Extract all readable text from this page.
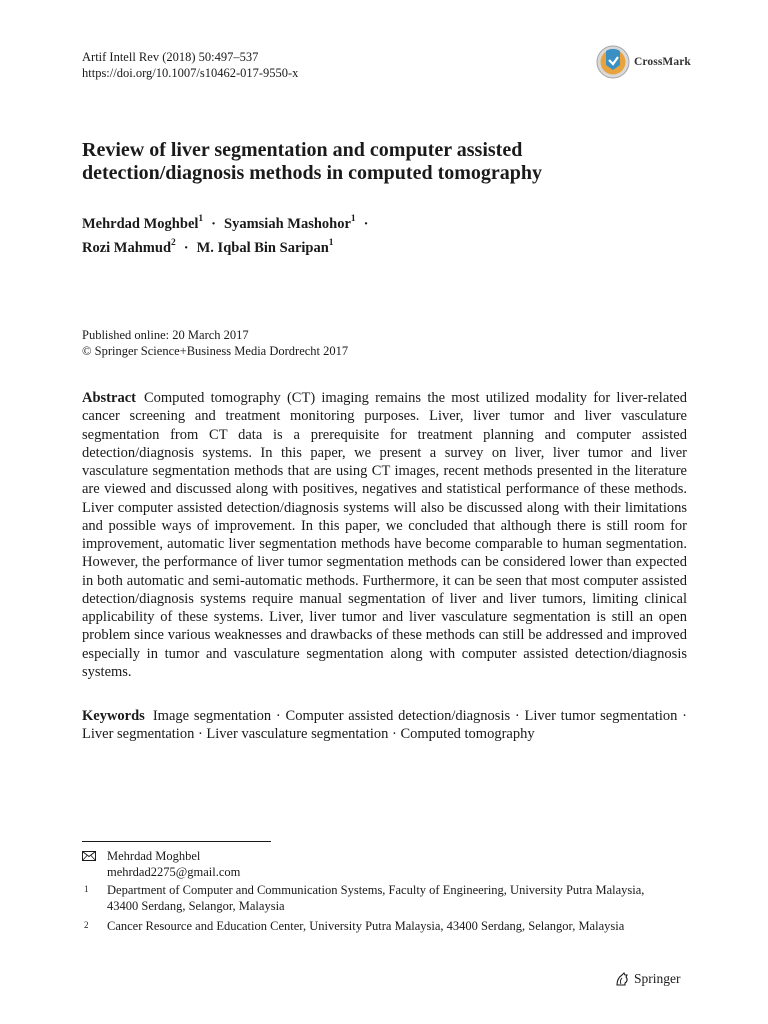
Artif Intell Rev (2018) 50:497–537
https://doi.org/10.1007/s10462-017-9550-x
CrossMark
Review of liver segmentation and computer assisted
detection/diagnosis methods in computed tomography
Mehrdad Moghbel$^1$ · Syamsiah Mashohor$^1$ ·
Rozi Mahmud$^2$ · M. Iqbal Bin Saripan$^1$
Published online: 20 March 2017
© Springer Science+Business Media Dordrecht 2017
Abstract Computed tomography (CT) imaging remains the most utilized modality for liver-related cancer screening and treatment monitoring purposes. Liver, liver tumor and liver vasculature segmentation from CT data is a prerequisite for treatment planning and computer assisted detection/diagnosis systems. In this paper, we present a survey on liver, liver tumor and liver vasculature segmentation methods that are using CT images, recent methods presented in the literature are viewed and discussed along with positives, negatives and statistical performance of these methods. Liver computer assisted detection/diagnosis systems will also be discussed along with their limitations and possible ways of improvement. In this paper, we concluded that although there is still room for improvement, automatic liver segmentation methods have become comparable to human segmentation. However, the performance of liver tumor segmentation methods can be considered lower than expected in both automatic and semi-automatic methods. Furthermore, it can be seen that most computer assisted detection/diagnosis systems require manual segmentation of liver and liver tumors, limiting clinical applicability of these systems. Liver, liver tumor and liver vasculature segmentation is still an open problem since various weaknesses and drawbacks of these methods can still be addressed and improved especially in tumor and vasculature segmentation along with computer assisted detection/diagnosis systems.
Keywords Image segmentation · Computer assisted detection/diagnosis · Liver tumor segmentation · Liver segmentation · Liver vasculature segmentation · Computed tomography
Mehrdad Moghbel
mehrdad2275@gmail.com
1 Department of Computer and Communication Systems, Faculty of Engineering, University Putra Malaysia, 43400 Serdang, Selangor, Malaysia
2 Cancer Resource and Education Center, University Putra Malaysia, 43400 Serdang, Selangor, Malaysia
Springer
